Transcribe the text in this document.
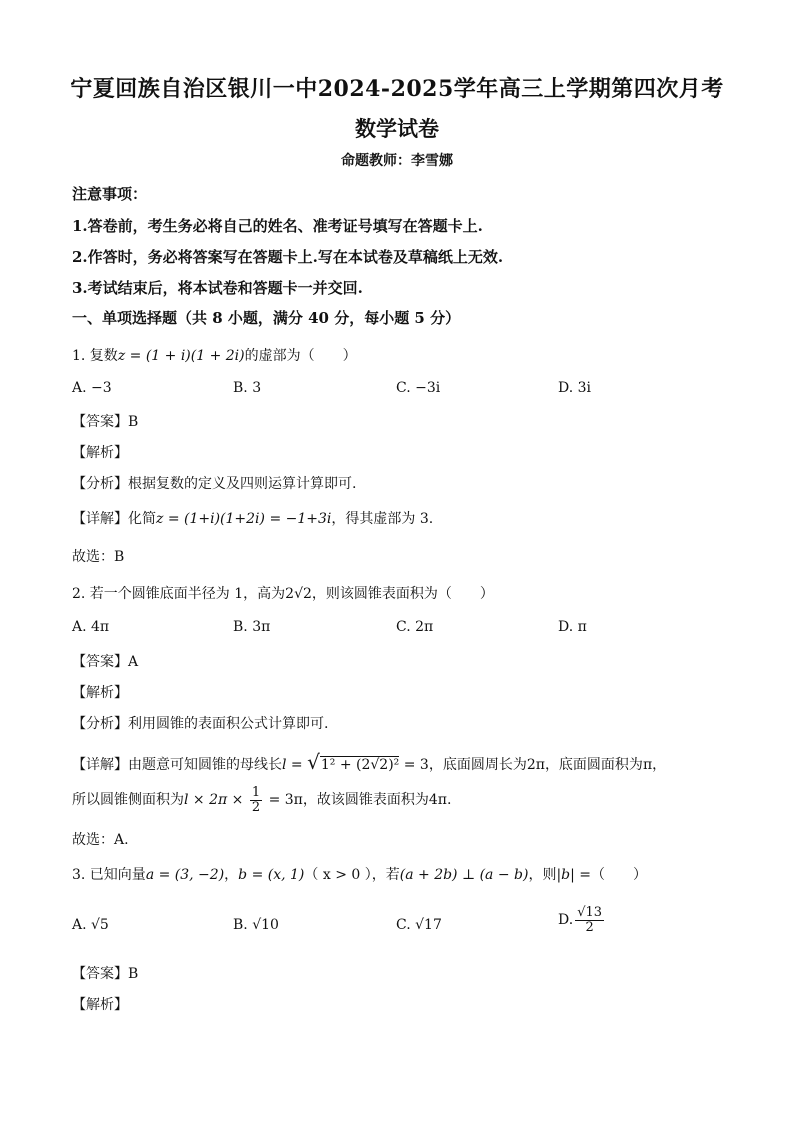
宁夏回族自治区银川一中2024-2025学年高三上学期第四次月考
数学试卷
命题教师：李雪娜
注意事项：
1.答卷前，考生务必将自己的姓名、准考证号填写在答题卡上.
2.作答时，务必将答案写在答题卡上.写在本试卷及草稿纸上无效.
3.考试结束后，将本试卷和答题卡一并交回.
一、单项选择题（共 8 小题，满分 40 分，每小题 5 分）
1. 复数z = (1 + i)(1 + 2i)的虚部为（　　）
A. −3	B. 3	C. −3i	D. 3i
【答案】B
【解析】
【分析】根据复数的定义及四则运算计算即可.
【详解】化简z = (1+i)(1+2i) = −1+3i，得其虚部为 3.
故选：B
2. 若一个圆锥底面半径为 1，高为2√2，则该圆锥表面积为（　　）
A. 4π	B. 3π	C. 2π	D. π
【答案】A
【解析】
【分析】利用圆锥的表面积公式计算即可.
【详解】由题意可知圆锥的母线长l = √1² + (2√2)² = 3，底面圆周长为2π，底面圆面积为π，
所以圆锥侧面积为$l \times 2\pi \times \frac{1}{2} = 3\pi$，故该圆锥表面积为4π.
故选：A.
3. 已知向量a = (3, −2)，b = (x, 1)（ x > 0 ），若(a + 2b) ⊥ (a − b)，则|b| =（　　）
A. √5	B. √10	C. √17	D. $\frac{√13}{2}$
【答案】B
【解析】
